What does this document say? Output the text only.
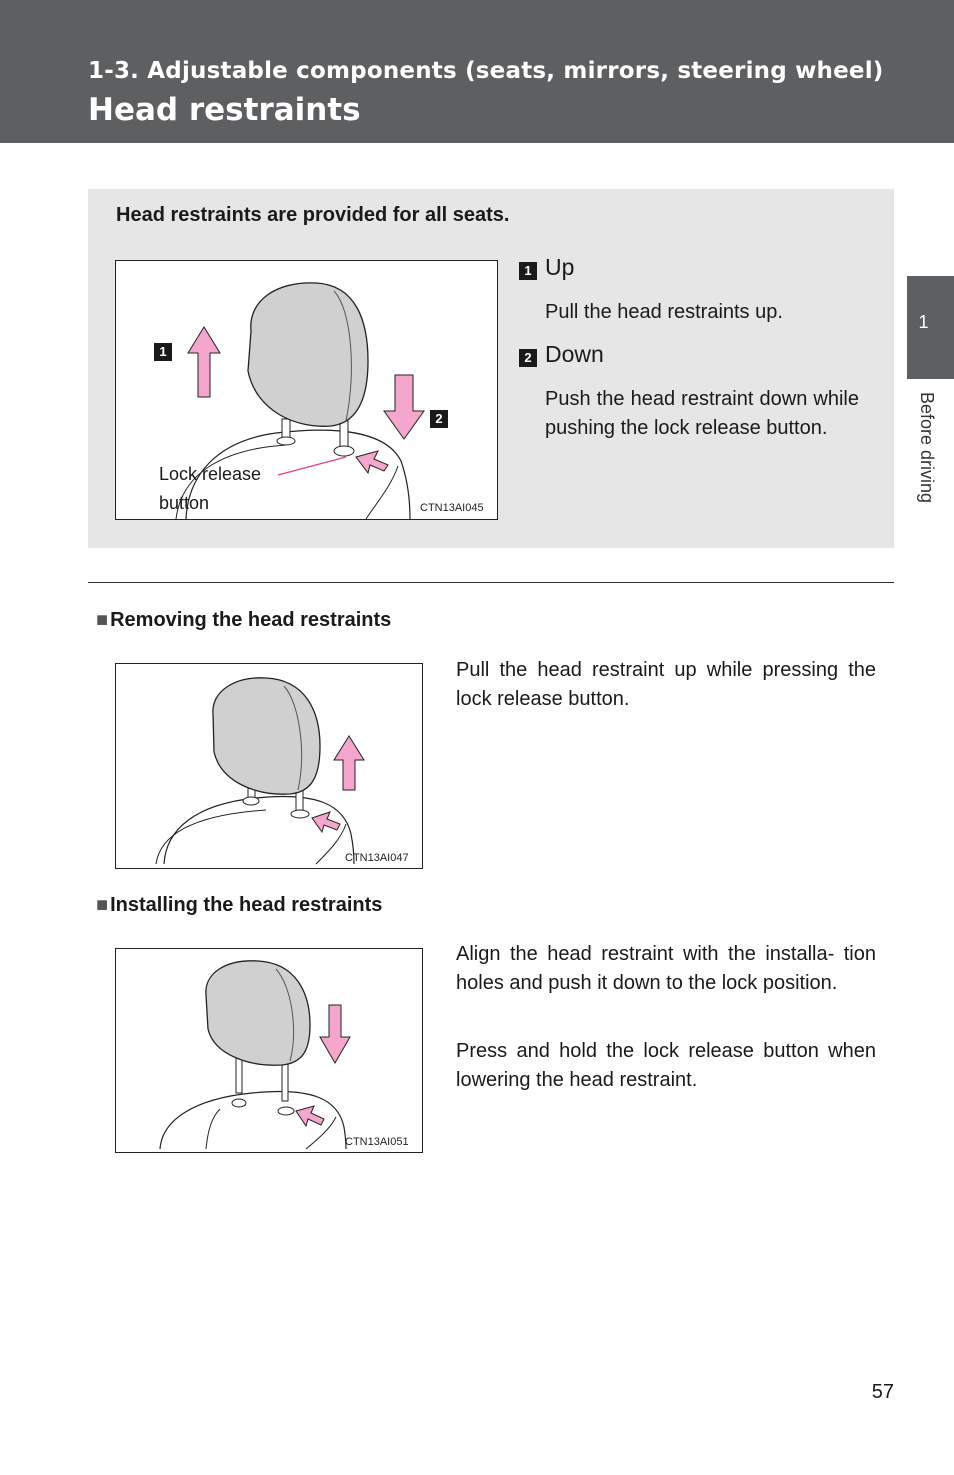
1-3. Adjustable components (seats, mirrors, steering wheel)
Head restraints
1
Before driving
Head restraints are provided for all seats.
1
2
Lock release
button	CTN13AI045
1 Up
Pull the head restraints up.
2 Down
Push the head restraint down while pushing the lock release button.
■ Removing the head restraints
CTN13AI047
Pull the head restraint up while pressing the lock release button.
■ Installing the head restraints
CTN13AI051
Align the head restraint with the installa- tion holes and push it down to the lock position.
Press and hold the lock release button when lowering the head restraint.
57
